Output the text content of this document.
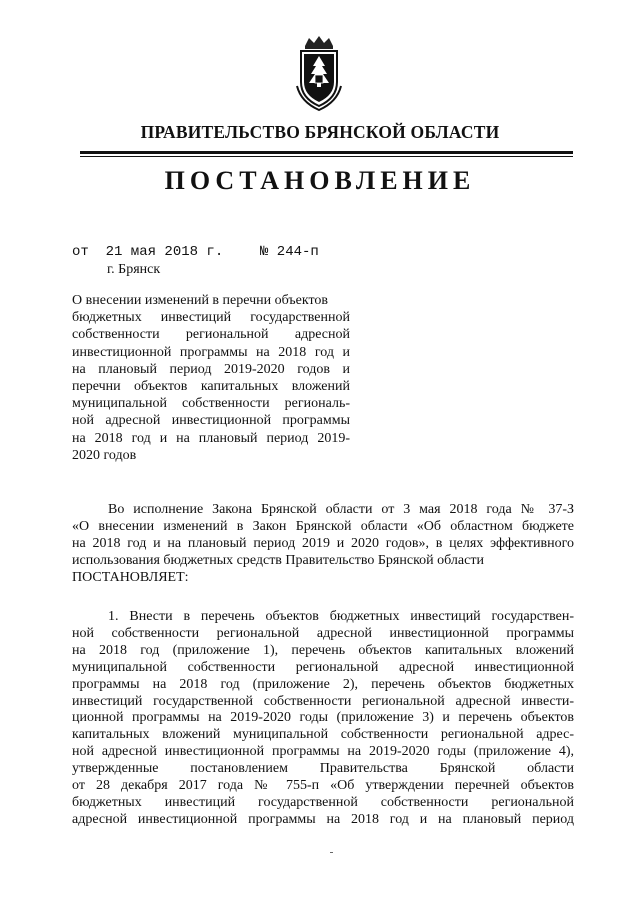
ПРАВИТЕЛЬСТВО БРЯНСКОЙ ОБЛАСТИ
ПОСТАНОВЛЕНИЕ
от  21 мая 2018 г.	№ 244-п
г. Брянск
О внесении изменений в перечни объектов
бюджетных инвестиций государственной
собственности региональной адресной
инвестиционной программы на 2018 год и
на плановый период 2019-2020 годов и
перечни объектов капитальных вложений
муниципальной собственности региональ-
ной адресной инвестиционной программы
на 2018 год и на плановый период 2019-
2020 годов
Во исполнение Закона Брянской области от 3 мая 2018 года № 37-З
«О внесении изменений в Закон Брянской области «Об областном бюджете
на 2018 год и на плановый период 2019 и 2020 годов», в целях эффективного
использования бюджетных средств Правительство Брянской области
ПОСТАНОВЛЯЕТ:
1. Внести в перечень объектов бюджетных инвестиций государствен-
ной собственности региональной адресной инвестиционной программы
на 2018 год (приложение 1), перечень объектов капитальных вложений
муниципальной собственности региональной адресной инвестиционной
программы на 2018 год (приложение 2), перечень объектов бюджетных
инвестиций государственной собственности региональной адресной инвести-
ционной программы на 2019-2020 годы (приложение 3) и перечень объектов
капитальных вложений муниципальной собственности региональной адрес-
ной адресной инвестиционной программы на 2019-2020 годы (приложение 4),
утвержденные постановлением Правительства Брянской области
от 28 декабря 2017 года № 755-п «Об утверждении перечней объектов
бюджетных инвестиций государственной собственности региональной
адресной инвестиционной программы на 2018 год и на плановый период
